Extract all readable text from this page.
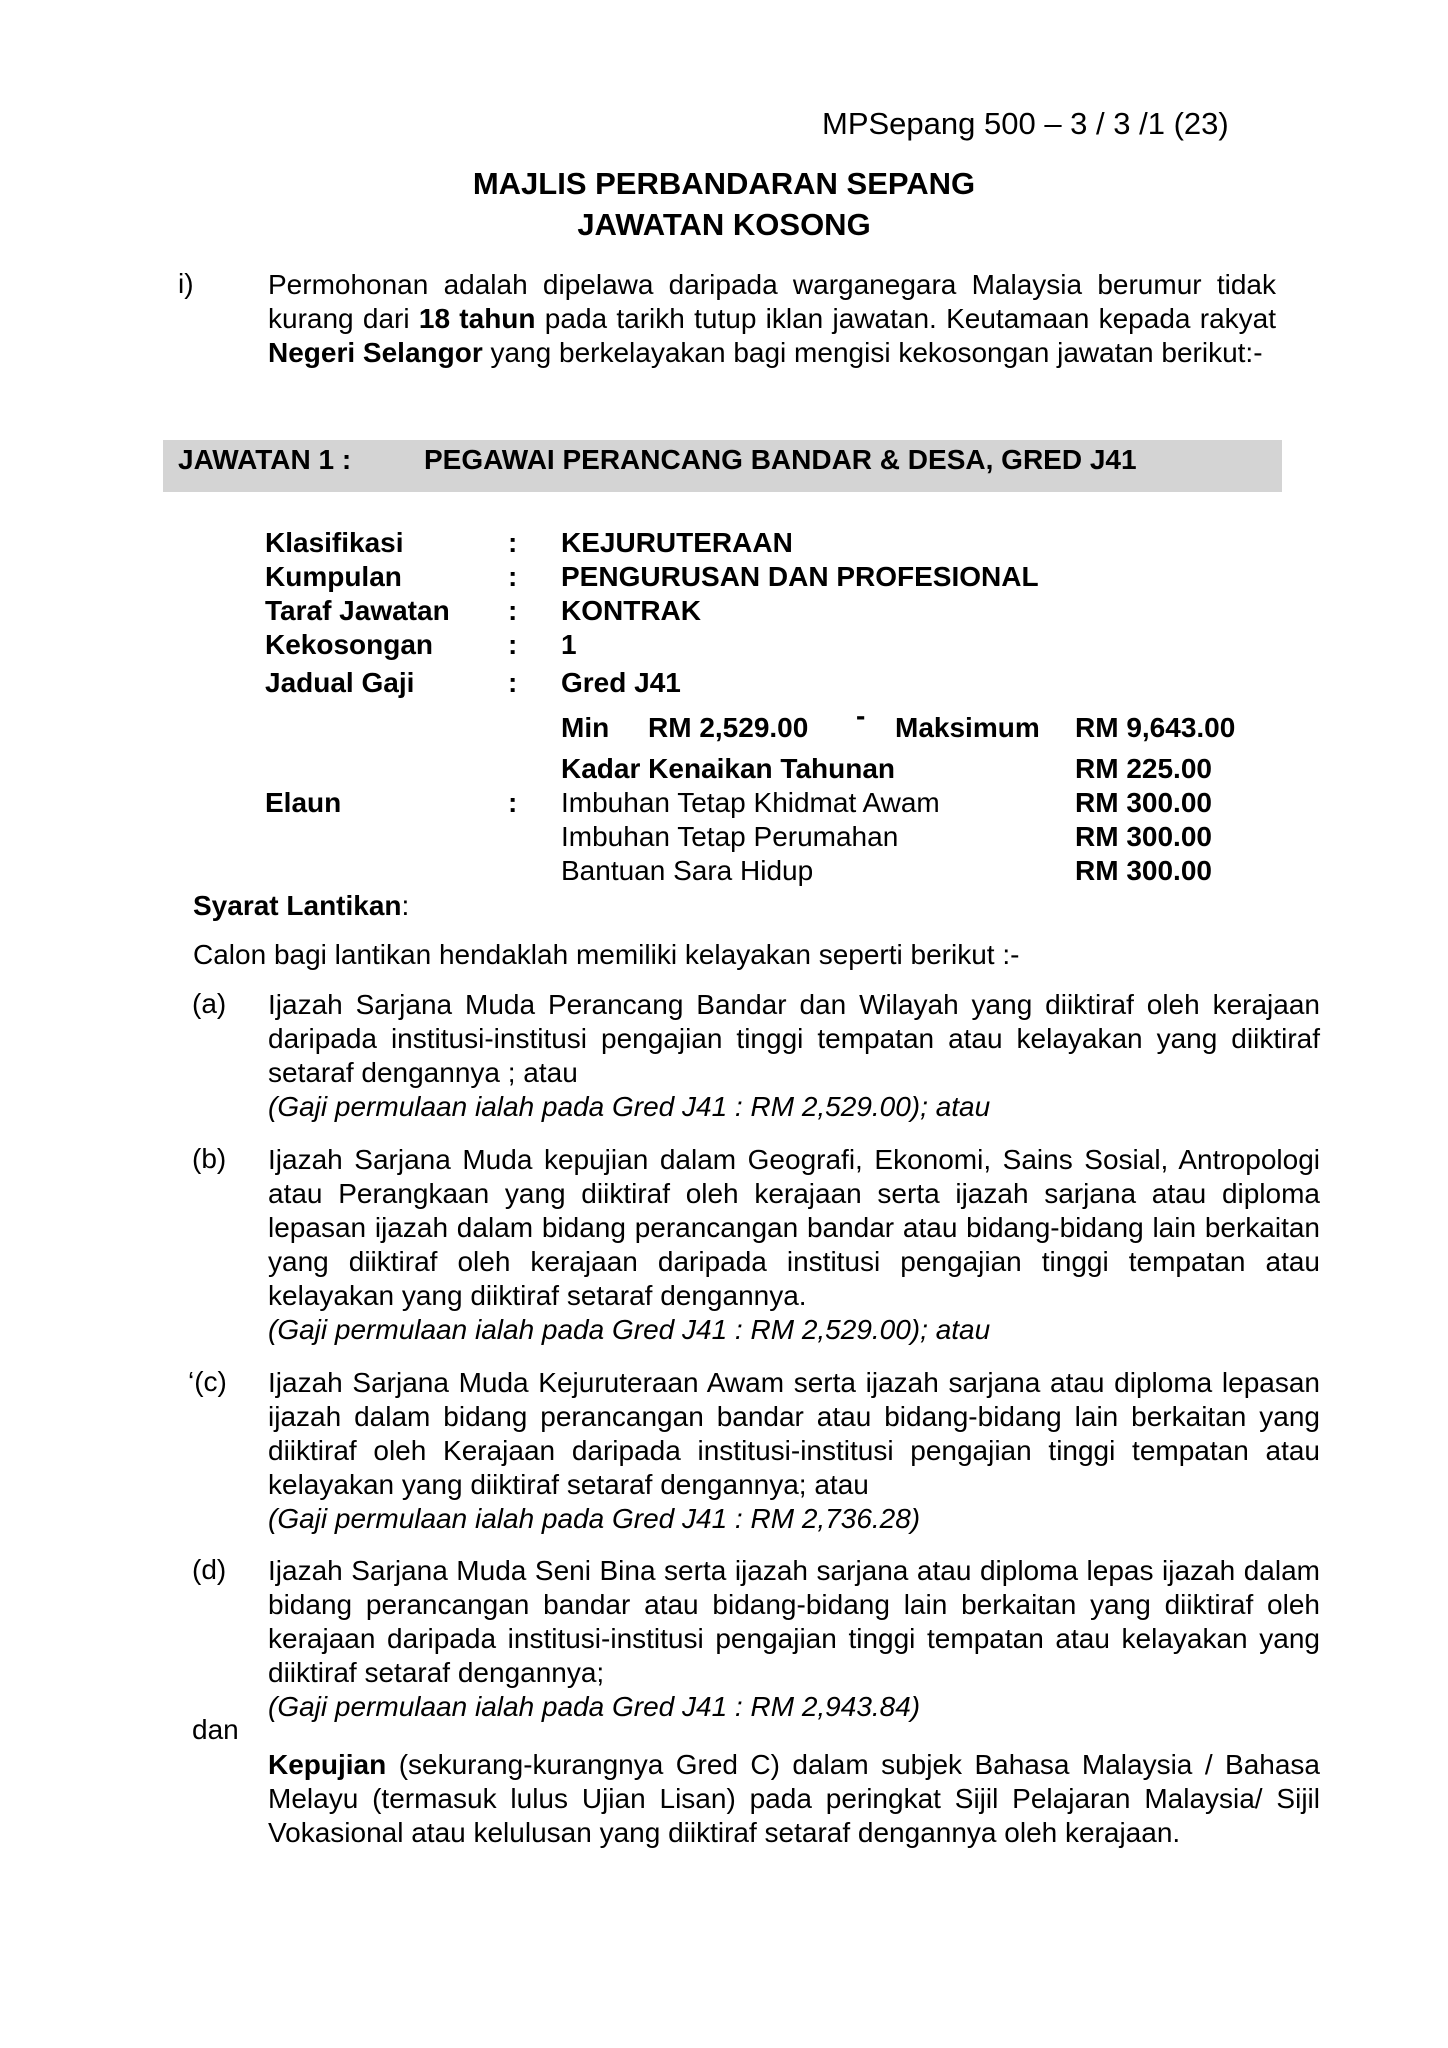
MPSepang 500 – 3 / 3 /1 (23)
MAJLIS PERBANDARAN SEPANG
JAWATAN KOSONG
i)	Permohonan adalah dipelawa daripada warganegara Malaysia berumur tidak kurang dari 18 tahun pada tarikh tutup iklan jawatan. Keutamaan kepada rakyat Negeri Selangor yang berkelayakan bagi mengisi kekosongan jawatan berikut:-
JAWATAN 1 :	PEGAWAI PERANCANG BANDAR & DESA, GRED J41
Klasifikasi	: KEJURUTERAAN
Kumpulan	: PENGURUSAN DAN PROFESIONAL
Taraf Jawatan : KONTRAK
Kekosongan	: 1
Jadual Gaji	: Gred J41
Min RM 2,529.00 - Maksimum RM 9,643.00
Kadar Kenaikan Tahunan	RM 225.00
Elaun	: Imbuhan Tetap Khidmat Awam	RM 300.00
Imbuhan Tetap Perumahan	RM 300.00
Bantuan Sara Hidup	RM 300.00
Syarat Lantikan:
Calon bagi lantikan hendaklah memiliki kelayakan seperti berikut :-
(a) Ijazah Sarjana Muda Perancang Bandar dan Wilayah yang diiktiraf oleh kerajaan daripada institusi-institusi pengajian tinggi tempatan atau kelayakan yang diiktiraf setaraf dengannya ; atau
(Gaji permulaan ialah pada Gred J41 : RM 2,529.00); atau
(b) Ijazah Sarjana Muda kepujian dalam Geografi, Ekonomi, Sains Sosial, Antropologi atau Perangkaan yang diiktiraf oleh kerajaan serta ijazah sarjana atau diploma lepasan ijazah dalam bidang perancangan bandar atau bidang-bidang lain berkaitan yang diiktiraf oleh kerajaan daripada institusi pengajian tinggi tempatan atau kelayakan yang diiktiraf setaraf dengannya.
(Gaji permulaan ialah pada Gred J41 : RM 2,529.00); atau
‘(c) Ijazah Sarjana Muda Kejuruteraan Awam serta ijazah sarjana atau diploma lepasan ijazah dalam bidang perancangan bandar atau bidang-bidang lain berkaitan yang diiktiraf oleh Kerajaan daripada institusi-institusi pengajian tinggi tempatan atau kelayakan yang diiktiraf setaraf dengannya; atau
(Gaji permulaan ialah pada Gred J41 : RM 2,736.28)
(d) Ijazah Sarjana Muda Seni Bina serta ijazah sarjana atau diploma lepas ijazah dalam bidang perancangan bandar atau bidang-bidang lain berkaitan yang diiktiraf oleh kerajaan daripada institusi-institusi pengajian tinggi tempatan atau kelayakan yang diiktiraf setaraf dengannya;
(Gaji permulaan ialah pada Gred J41 : RM 2,943.84)
dan
Kepujian (sekurang-kurangnya Gred C) dalam subjek Bahasa Malaysia / Bahasa Melayu (termasuk lulus Ujian Lisan) pada peringkat Sijil Pelajaran Malaysia/ Sijil Vokasional atau kelulusan yang diiktiraf setaraf dengannya oleh kerajaan.
